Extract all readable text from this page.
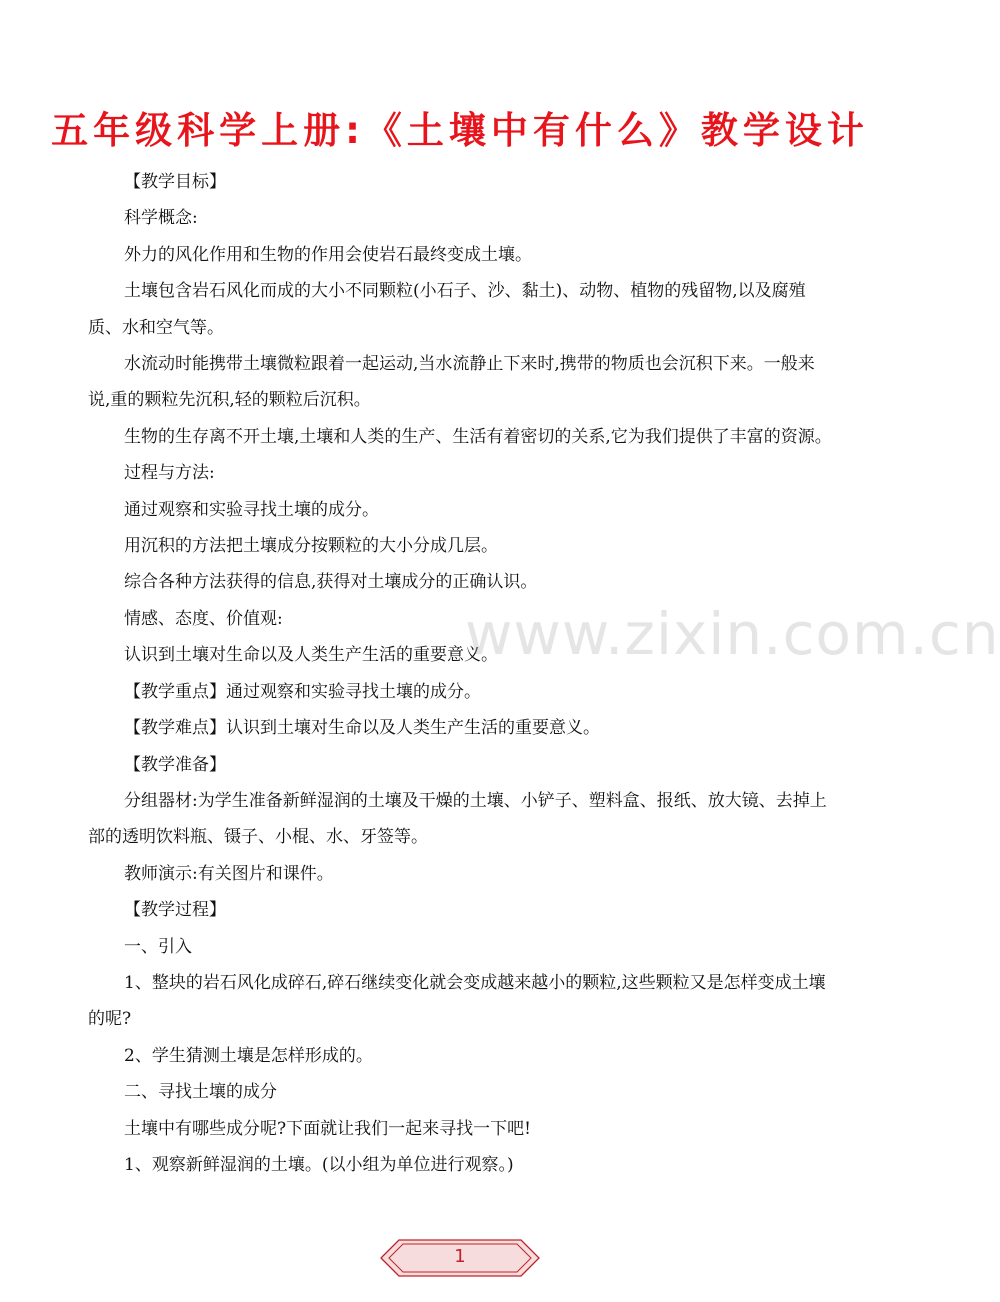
五年级科学上册:《土壤中有什么》教学设计

【教学目标】

科学概念:

外力的风化作用和生物的作用会使岩石最终变成土壤。

土壤包含岩石风化而成的大小不同颗粒(小石子、沙、黏土)、动物、植物的残留物,以及腐殖质、水和空气等。

水流动时能携带土壤微粒跟着一起运动,当水流静止下来时,携带的物质也会沉积下来。一般来说,重的颗粒先沉积,轻的颗粒后沉积。

生物的生存离不开土壤,土壤和人类的生产、生活有着密切的关系,它为我们提供了丰富的资源。

过程与方法:

通过观察和实验寻找土壤的成分。

用沉积的方法把土壤成分按颗粒的大小分成几层。

综合各种方法获得的信息,获得对土壤成分的正确认识。

情感、态度、价值观:

认识到土壤对生命以及人类生产生活的重要意义。

【教学重点】通过观察和实验寻找土壤的成分。

【教学难点】认识到土壤对生命以及人类生产生活的重要意义。

【教学准备】

分组器材:为学生准备新鲜湿润的土壤及干燥的土壤、小铲子、塑料盒、报纸、放大镜、去掉上部的透明饮料瓶、镊子、小棍、水、牙签等。

教师演示:有关图片和课件。

【教学过程】

一、引入

1、整块的岩石风化成碎石,碎石继续变化就会变成越来越小的颗粒,这些颗粒又是怎样变成土壤的呢?

2、学生猜测土壤是怎样形成的。

二、寻找土壤的成分

土壤中有哪些成分呢?下面就让我们一起来寻找一下吧!

1、观察新鲜湿润的土壤。(以小组为单位进行观察。)

www.zixin.com.cn
1
